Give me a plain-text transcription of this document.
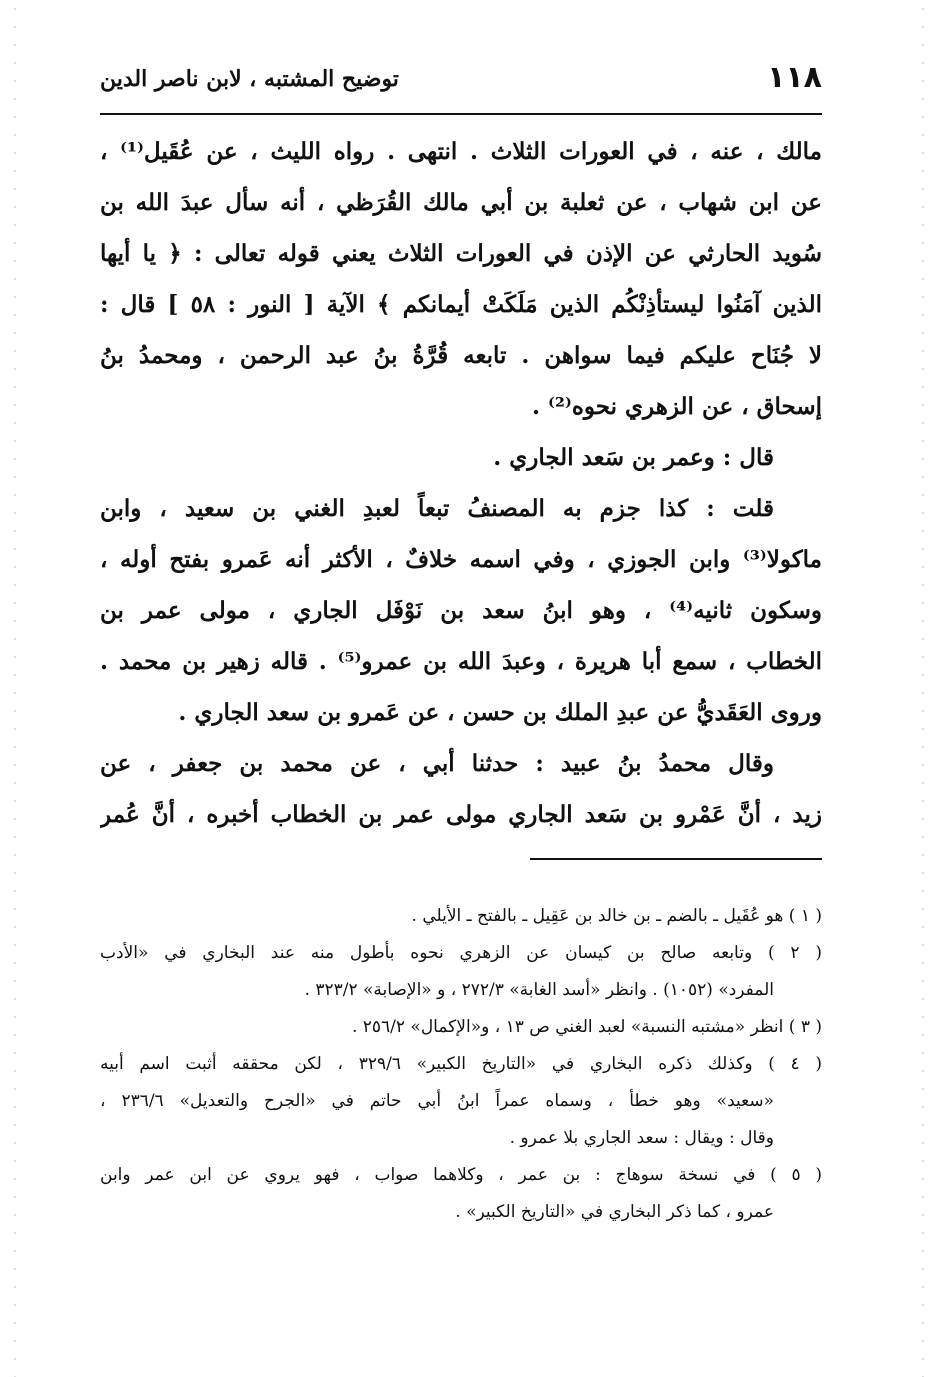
١١٨
توضيح المشتبه ، لابن ناصر الدين
مالك ، عنه ، في العورات الثلاث . انتهى . رواه الليث ، عن عُقَيل⁽¹⁾ ،
عن ابن شهاب ، عن ثعلبة بن أبي مالك القُرَظي ، أنه سأل عبدَ الله بن
سُويد الحارثي عن الإذن في العورات الثلاث يعني قوله تعالى : ﴿ يا أيها
الذين آمَنُوا ليستأذِنْكُم الذين مَلَكَتْ أيمانكم ﴾ الآية [ النور : ٥٨ ] قال :
لا جُنَاح عليكم فيما سواهن . تابعه قُرَّةُ بنُ عبد الرحمن ، ومحمدُ بنُ
إسحاق ، عن الزهري نحوه⁽²⁾ .
قال : وعمر بن سَعد الجاري .
قلت : كذا جزم به المصنفُ تبعاً لعبدِ الغني بن سعيد ، وابن
ماكولا⁽³⁾ وابن الجوزي ، وفي اسمه خلافٌ ، الأكثر أنه عَمرو بفتح أوله ،
وسكون ثانيه⁽⁴⁾ ، وهو ابنُ سعد بن نَوْفَل الجاري ، مولى عمر بن
الخطاب ، سمع أبا هريرة ، وعبدَ الله بن عمرو⁽⁵⁾ . قاله زهير بن محمد .
وروى العَقَديُّ عن عبدِ الملك بن حسن ، عن عَمرو بن سعد الجاري .
وقال محمدُ بنُ عبيد : حدثنا أبي ، عن محمد بن جعفر ، عن
زيد ، أنَّ عَمْرو بن سَعد الجاري مولى عمر بن الخطاب أخبره ، أنَّ عُمر
( ١ ) هو عُقَيل ـ بالضم ـ بن خالد بن عَقِيل ـ بالفتح ـ الأيلي .
( ٢ ) وتابعه صالح بن كيسان عن الزهري نحوه بأطول منه عند البخاري في «الأدب
المفرد» (١٠٥٢) . وانظر «أسد الغابة» ٢٧٢/٣ ، و «الإصابة» ٣٢٣/٢ .
( ٣ ) انظر «مشتبه النسبة» لعبد الغني ص ١٣ ، و«الإكمال» ٢٥٦/٢ .
( ٤ ) وكذلك ذكره البخاري في «التاريخ الكبير» ٣٢٩/٦ ، لكن محققه أثبت اسم أبيه
«سعيد» وهو خطأ ، وسماه عمراً ابنُ أبي حاتم في «الجرح والتعديل» ٢٣٦/٦ ،
وقال : ويقال : سعد الجاري بلا عمرو .
( ٥ ) في نسخة سوهاج : بن عمر ، وكلاهما صواب ، فهو يروي عن ابن عمر وابن
عمرو ، كما ذكر البخاري في «التاريخ الكبير» .
